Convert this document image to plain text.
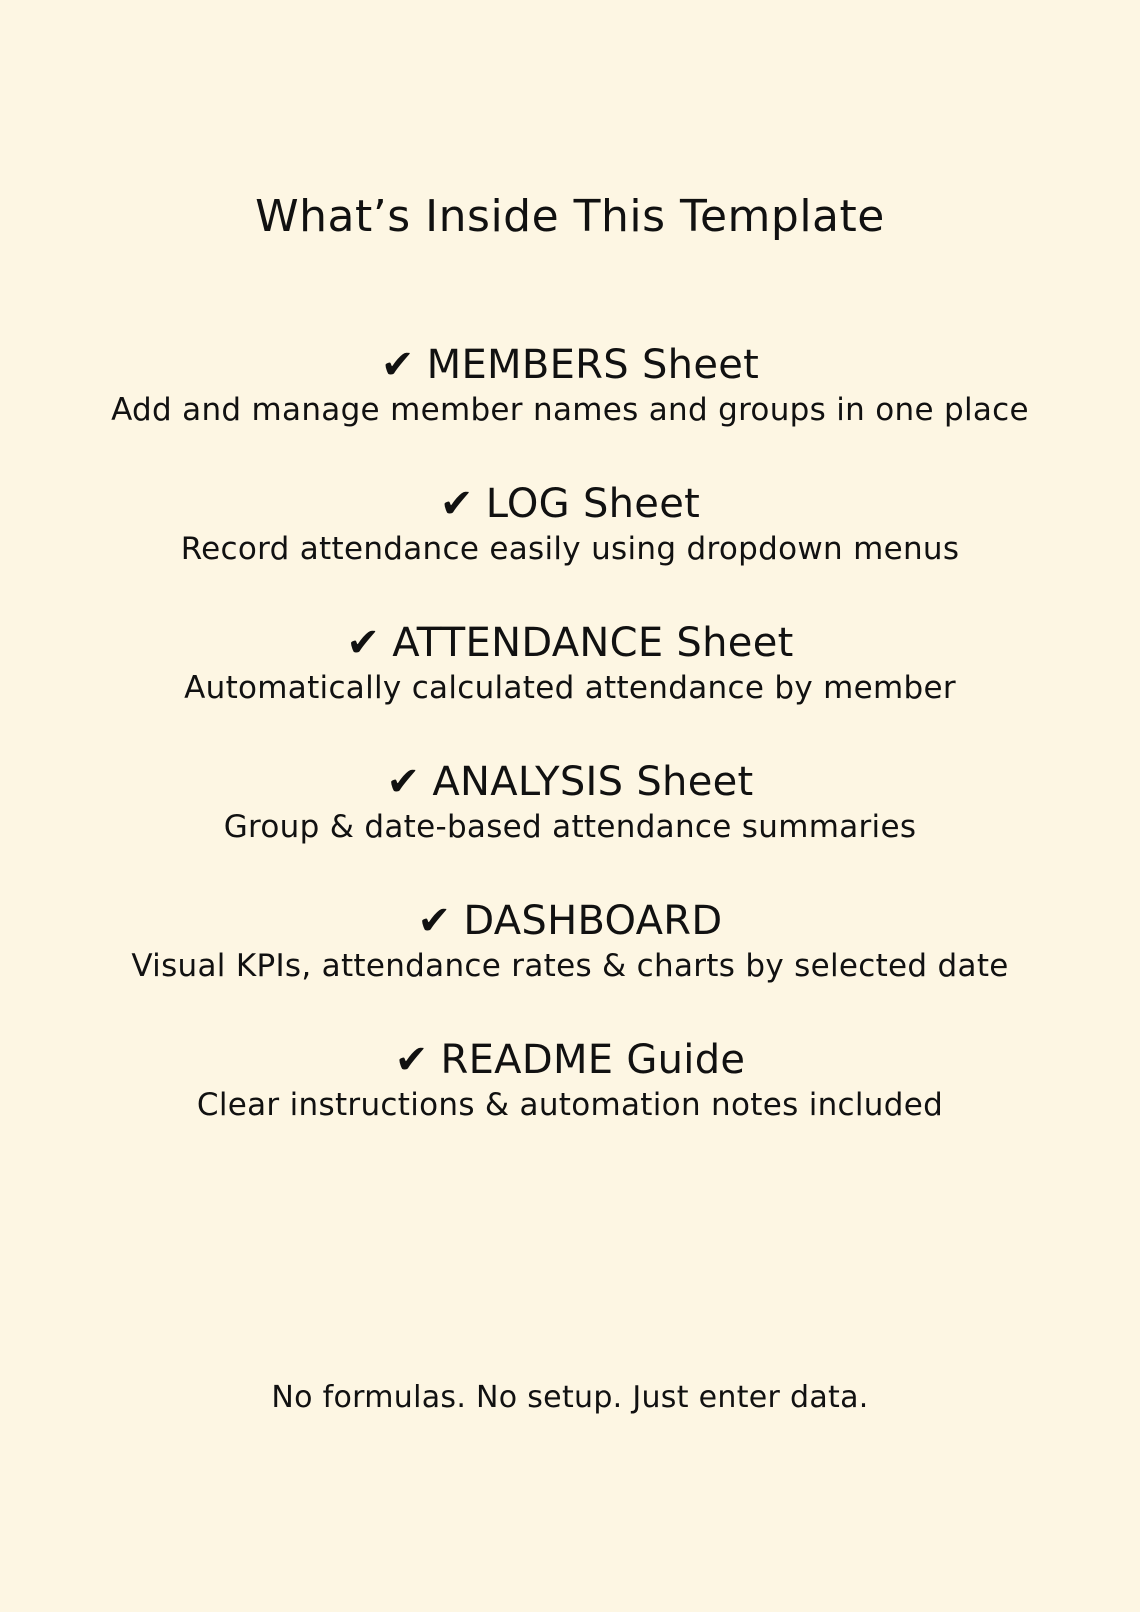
What’s Inside This Template
✔ MEMBERS Sheet
Add and manage member names and groups in one place
✔ LOG Sheet
Record attendance easily using dropdown menus
✔ ATTENDANCE Sheet
Automatically calculated attendance by member
✔ ANALYSIS Sheet
Group & date-based attendance summaries
✔ DASHBOARD
Visual KPIs, attendance rates & charts by selected date
✔ README Guide
Clear instructions & automation notes included

No formulas. No setup. Just enter data.
